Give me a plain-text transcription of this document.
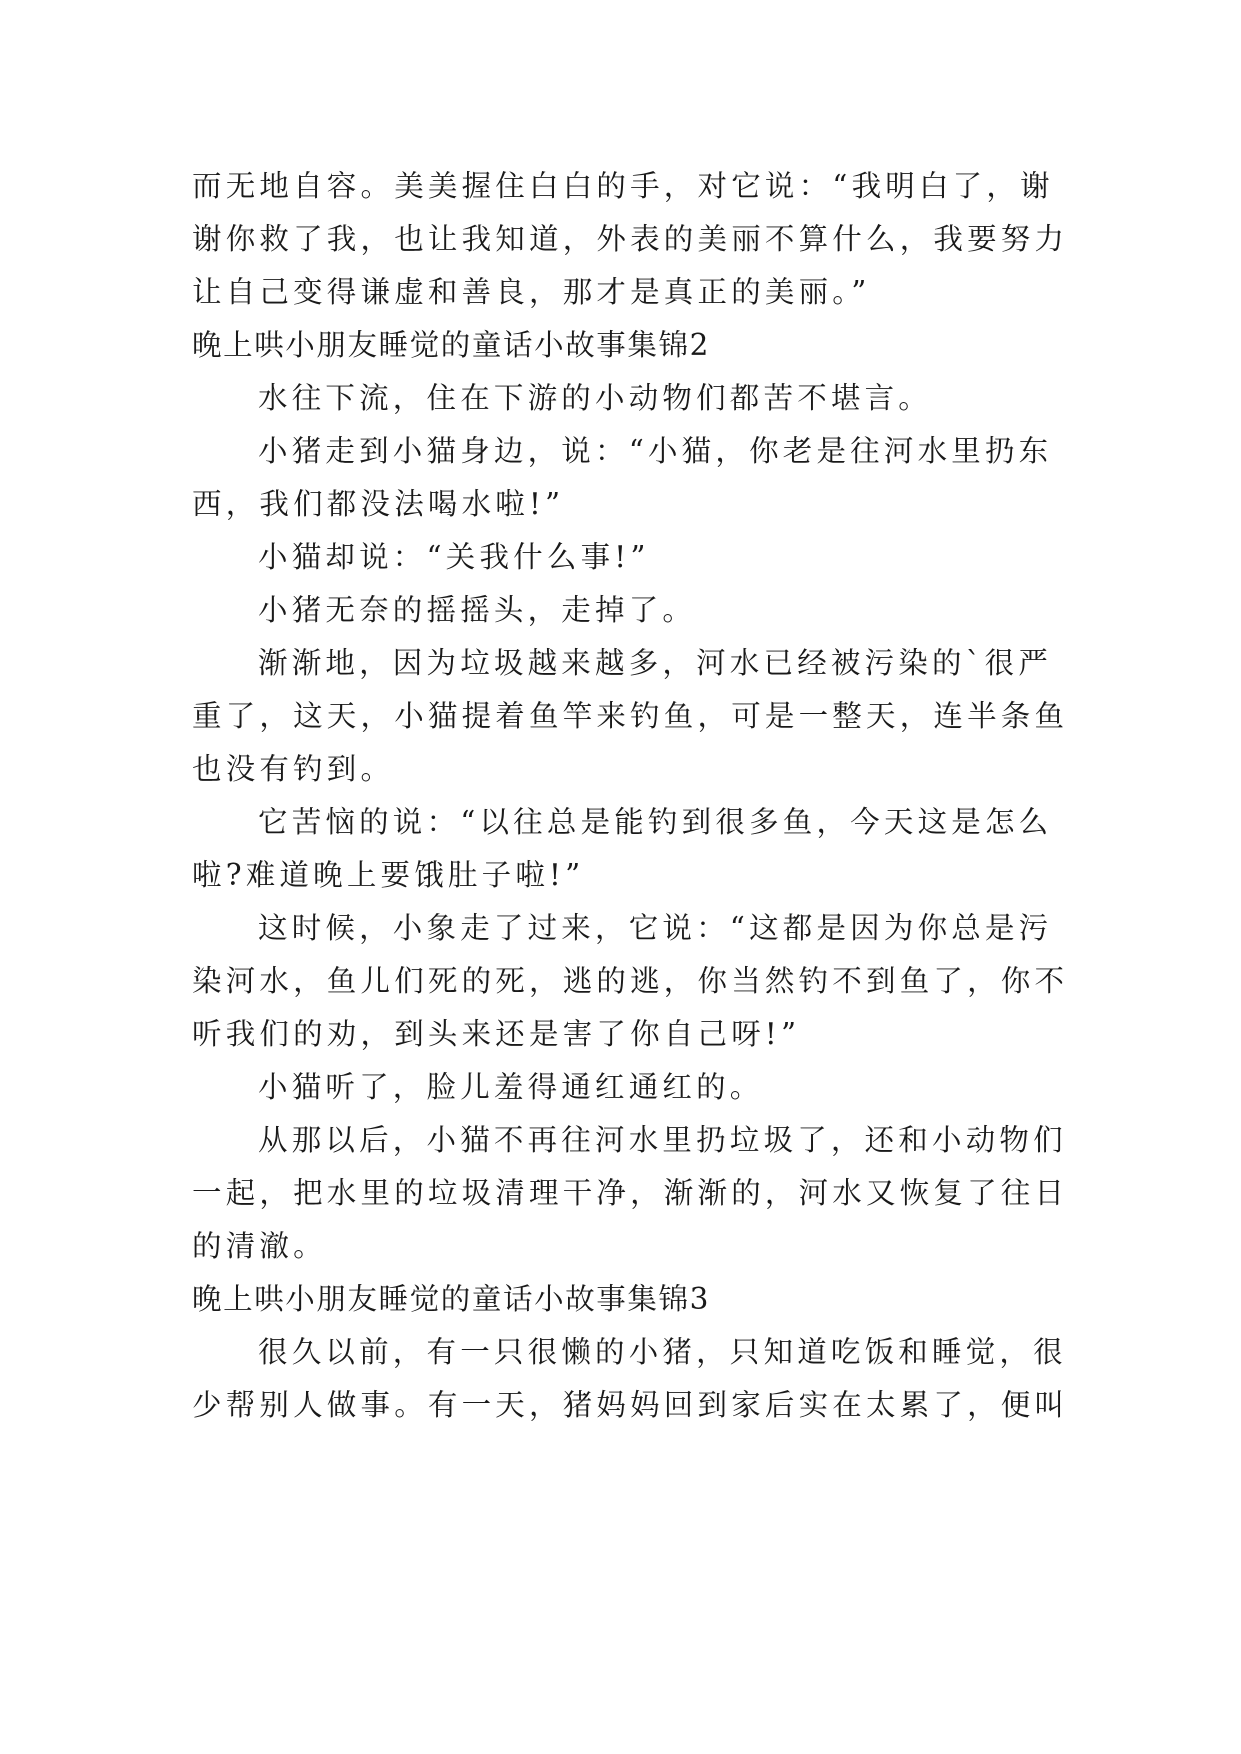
而无地自容。美美握住白白的手，对它说：“我明白了，谢
谢你救了我，也让我知道，外表的美丽不算什么，我要努力
让自己变得谦虚和善良，那才是真正的美丽。”
晚上哄小朋友睡觉的童话小故事集锦2
水往下流，住在下游的小动物们都苦不堪言。
小猪走到小猫身边，说：“小猫，你老是往河水里扔东
西，我们都没法喝水啦!”
小猫却说：“关我什么事!”
小猪无奈的摇摇头，走掉了。
渐渐地，因为垃圾越来越多，河水已经被污染的`很严
重了，这天，小猫提着鱼竿来钓鱼，可是一整天，连半条鱼
也没有钓到。
它苦恼的说：“以往总是能钓到很多鱼，今天这是怎么
啦?难道晚上要饿肚子啦!”
这时候，小象走了过来，它说：“这都是因为你总是污
染河水，鱼儿们死的死，逃的逃，你当然钓不到鱼了，你不
听我们的劝，到头来还是害了你自己呀!”
小猫听了，脸儿羞得通红通红的。
从那以后，小猫不再往河水里扔垃圾了，还和小动物们
一起，把水里的垃圾清理干净，渐渐的，河水又恢复了往日
的清澈。
晚上哄小朋友睡觉的童话小故事集锦3
很久以前，有一只很懒的小猪，只知道吃饭和睡觉，很
少帮别人做事。有一天，猪妈妈回到家后实在太累了，便叫
